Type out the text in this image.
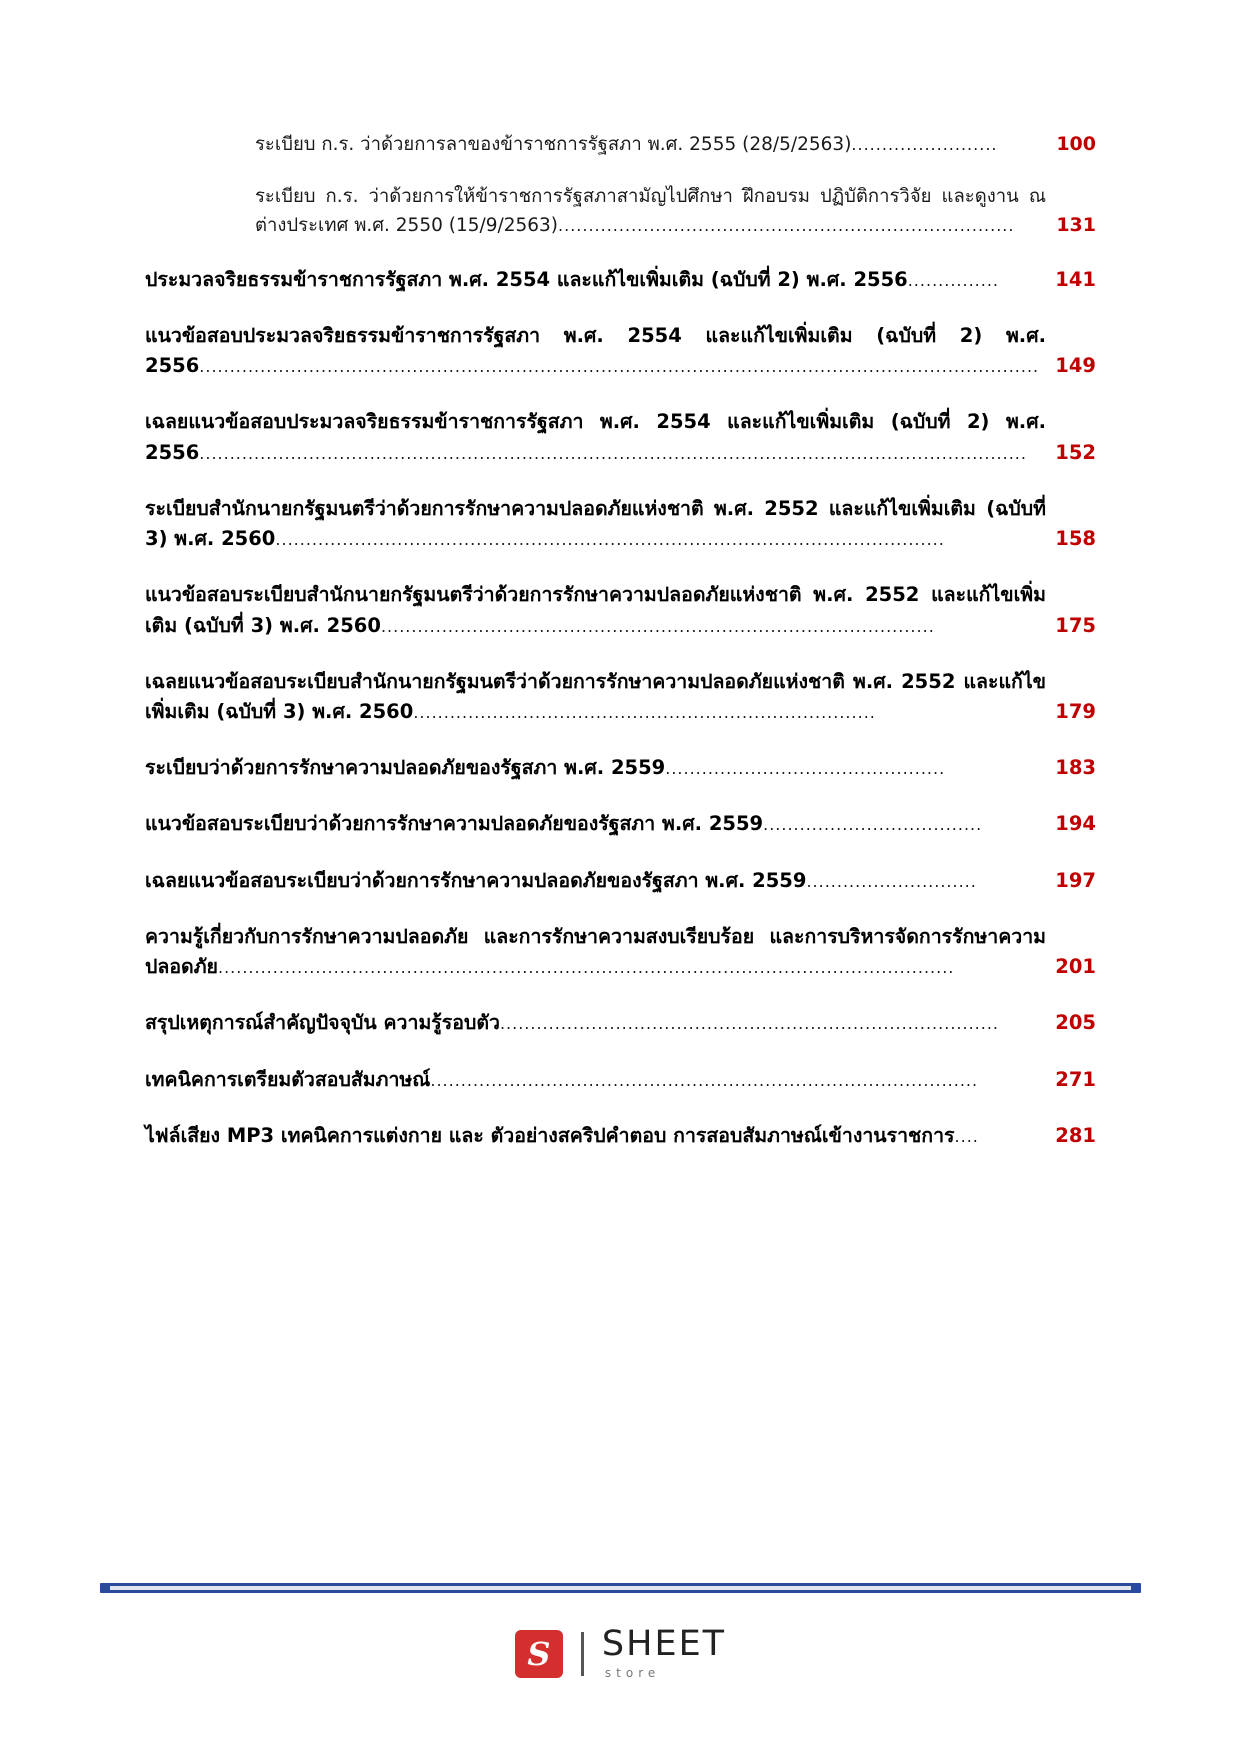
ระเบียบ ก.ร. ว่าด้วยการลาของข้าราชการรัฐสภา พ.ศ. 2555 (28/5/2563)........................	100
ระเบียบ ก.ร. ว่าด้วยการให้ข้าราชการรัฐสภาสามัญไปศึกษา ฝึกอบรม ปฏิบัติการวิจัย และดูงาน ณ ต่างประเทศ พ.ศ. 2550 (15/9/2563)...........................................................................	131
ประมวลจริยธรรมข้าราชการรัฐสภา พ.ศ. 2554 และแก้ไขเพิ่มเติม (ฉบับที่ 2) พ.ศ. 2556...............	141
แนวข้อสอบประมวลจริยธรรมข้าราชการรัฐสภา พ.ศ. 2554 และแก้ไขเพิ่มเติม (ฉบับที่ 2) พ.ศ. 2556.......................................................................................................................................... 149
เฉลยแนวข้อสอบประมวลจริยธรรมข้าราชการรัฐสภา พ.ศ. 2554 และแก้ไขเพิ่มเติม (ฉบับที่ 2) พ.ศ. 2556........................................................................................................................................	152
ระเบียบสำนักนายกรัฐมนตรีว่าด้วยการรักษาความปลอดภัยแห่งชาติ พ.ศ. 2552 และแก้ไขเพิ่มเติม (ฉบับที่ 3) พ.ศ. 2560..............................................................................................................	158
แนวข้อสอบระเบียบสำนักนายกรัฐมนตรีว่าด้วยการรักษาความปลอดภัยแห่งชาติ พ.ศ. 2552 และแก้ไขเพิ่มเติม (ฉบับที่ 3) พ.ศ. 2560...........................................................................................	175
เฉลยแนวข้อสอบระเบียบสำนักนายกรัฐมนตรีว่าด้วยการรักษาความปลอดภัยแห่งชาติ พ.ศ. 2552 และแก้ไขเพิ่มเติม (ฉบับที่ 3) พ.ศ. 2560............................................................................	179
ระเบียบว่าด้วยการรักษาความปลอดภัยของรัฐสภา พ.ศ. 2559..............................................	183
แนวข้อสอบระเบียบว่าด้วยการรักษาความปลอดภัยของรัฐสภา พ.ศ. 2559....................................	194
เฉลยแนวข้อสอบระเบียบว่าด้วยการรักษาความปลอดภัยของรัฐสภา พ.ศ. 2559............................	197
ความรู้เกี่ยวกับการรักษาความปลอดภัย และการรักษาความสงบเรียบร้อย และการบริหารจัดการรักษาความปลอดภัย.........................................................................................................................	201
สรุปเหตุการณ์สำคัญปัจจุบัน ความรู้รอบตัว..................................................................................	205
เทคนิคการเตรียมตัวสอบสัมภาษณ์..........................................................................................	271
ไฟล์เสียง MP3 เทคนิคการแต่งกาย และ ตัวอย่างสคริปคำตอบ การสอบสัมภาษณ์เข้างานราชการ....	281
S SHEET
store
